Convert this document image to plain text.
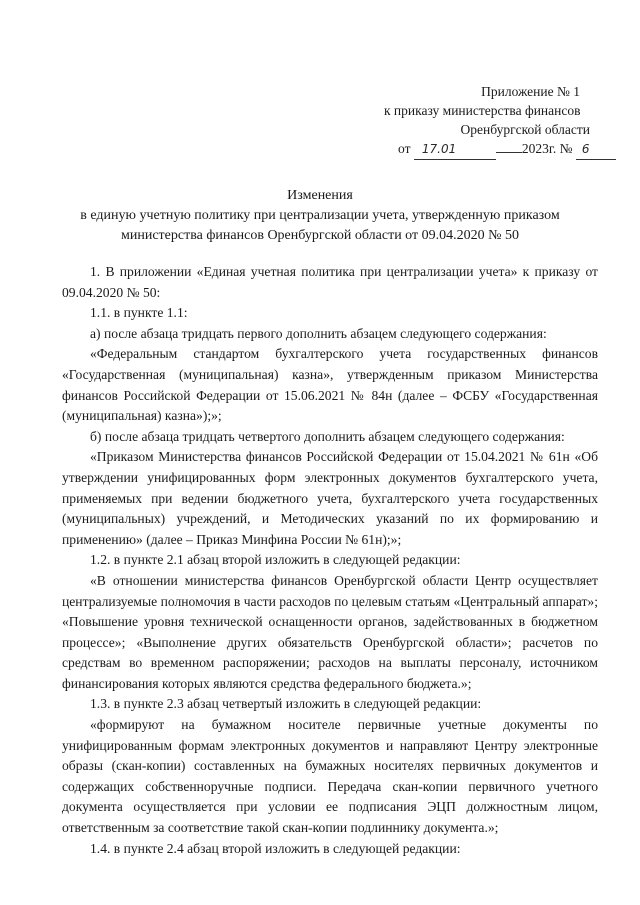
Приложение № 1
к приказу министерства финансов
Оренбургской области
от 17.01	2023г. № 6
Изменения
в единую учетную политику при централизации учета, утвержденную приказом
министерства финансов Оренбургской области от 09.04.2020 № 50

1. В приложении «Единая учетная политика при централизации учета» к приказу от 09.04.2020 № 50:

1.1. в пункте 1.1:

а) после абзаца тридцать первого дополнить абзацем следующего содержания:

«Федеральным стандартом бухгалтерского учета государственных финансов «Государственная (муниципальная) казна», утвержденным приказом Министерства финансов Российской Федерации от 15.06.2021 № 84н (далее – ФСБУ «Государственная (муниципальная) казна»);»;

б) после абзаца тридцать четвертого дополнить абзацем следующего содержания:

«Приказом Министерства финансов Российской Федерации от 15.04.2021 № 61н «Об утверждении унифицированных форм электронных документов бухгалтерского учета, применяемых при ведении бюджетного учета, бухгалтерского учета государственных (муниципальных) учреждений, и Методических указаний по их формированию и применению» (далее – Приказ Минфина России № 61н);»;

1.2. в пункте 2.1 абзац второй изложить в следующей редакции:

«В отношении министерства финансов Оренбургской области Центр осуществляет централизуемые полномочия в части расходов по целевым статьям «Центральный аппарат»; «Повышение уровня технической оснащенности органов, задействованных в бюджетном процессе»; «Выполнение других обязательств Оренбургской области»; расчетов по средствам во временном распоряжении; расходов на выплаты персоналу, источником финансирования которых являются средства федерального бюджета.»;

1.3. в пункте 2.3 абзац четвертый изложить в следующей редакции:

«формируют на бумажном носителе первичные учетные документы по унифицированным формам электронных документов и направляют Центру электронные образы (скан-копии) составленных на бумажных носителях первичных документов и содержащих собственноручные подписи. Передача скан-копии первичного учетного документа осуществляется при условии ее подписания ЭЦП должностным лицом, ответственным за соответствие такой скан-копии подлиннику документа.»;

1.4. в пункте 2.4 абзац второй изложить в следующей редакции:
